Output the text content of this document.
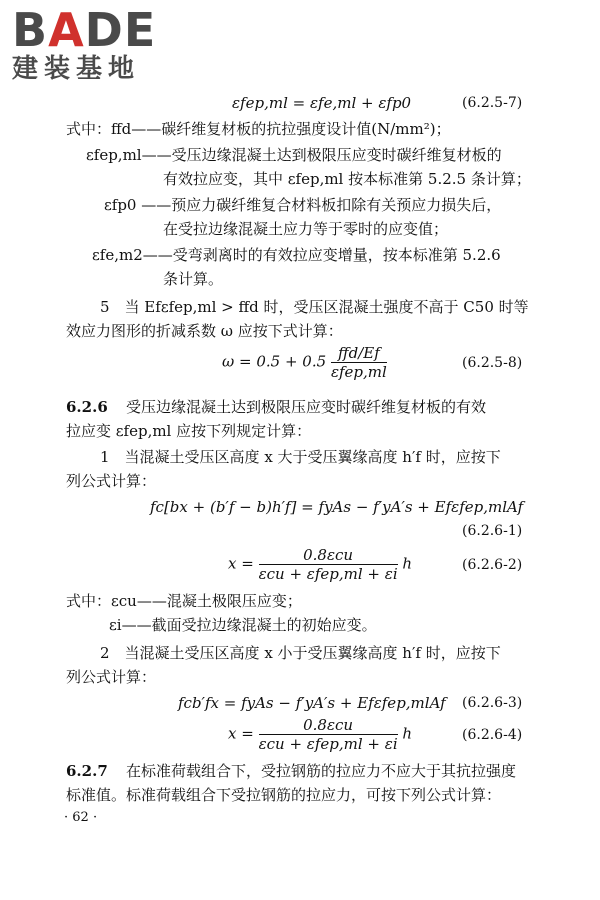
BADE
建装基地
εfep,ml = εfe,ml + εfp0	(6.2.5-7)
式中：ffd——碳纤维复材板的抗拉强度设计值(N/mm²)；
εfep,ml——受压边缘混凝土达到极限压应变时碳纤维复材板的
有效拉应变，其中 εfep,ml 按本标准第 5.2.5 条计算；
εfp0 ——预应力碳纤维复合材料板扣除有关预应力损失后，
在受拉边缘混凝土应力等于零时的应变值；
εfe,m2——受弯剥离时的有效拉应变增量，按本标准第 5.2.6
条计算。
5　当 Efεfep,ml > ffd 时，受压区混凝土强度不高于 C50 时等
效应力图形的折减系数 ω 应按下式计算：
$\omega = 0.5 + 0.5 \frac{\text{ffd/Ef}}{\text{εfep,ml}}$	(6.2.5-8)
6.2.6 受压边缘混凝土达到极限压应变时碳纤维复材板的有效
拉应变 εfep,ml 应按下列规定计算：
1　当混凝土受压区高度 x 大于受压翼缘高度 h′f 时，应按下
列公式计算：
fc[bx + (b′f − b)h′f] = fyAs − f′yA′s + Efεfep,mlAf
(6.2.6-1)
$x = \frac{\text{0.8εcu}}{\text{εcu + εfep,ml + εi}}$ h	(6.2.6-2)
式中：εcu——混凝土极限压应变；
εi——截面受拉边缘混凝土的初始应变。
2　当混凝土受压区高度 x 小于受压翼缘高度 h′f 时，应按下
列公式计算：
fcb′fx = fyAs − f′yA′s + Efεfep,mlAf (6.2.6-3)
$x = \frac{\text{0.8εcu}}{\text{εcu + εfep,ml + εi}}$ h	(6.2.6-4)
6.2.7 在标准荷载组合下，受拉钢筋的拉应力不应大于其抗拉强度
标准值。标准荷载组合下受拉钢筋的拉应力，可按下列公式计算：
· 62 ·
